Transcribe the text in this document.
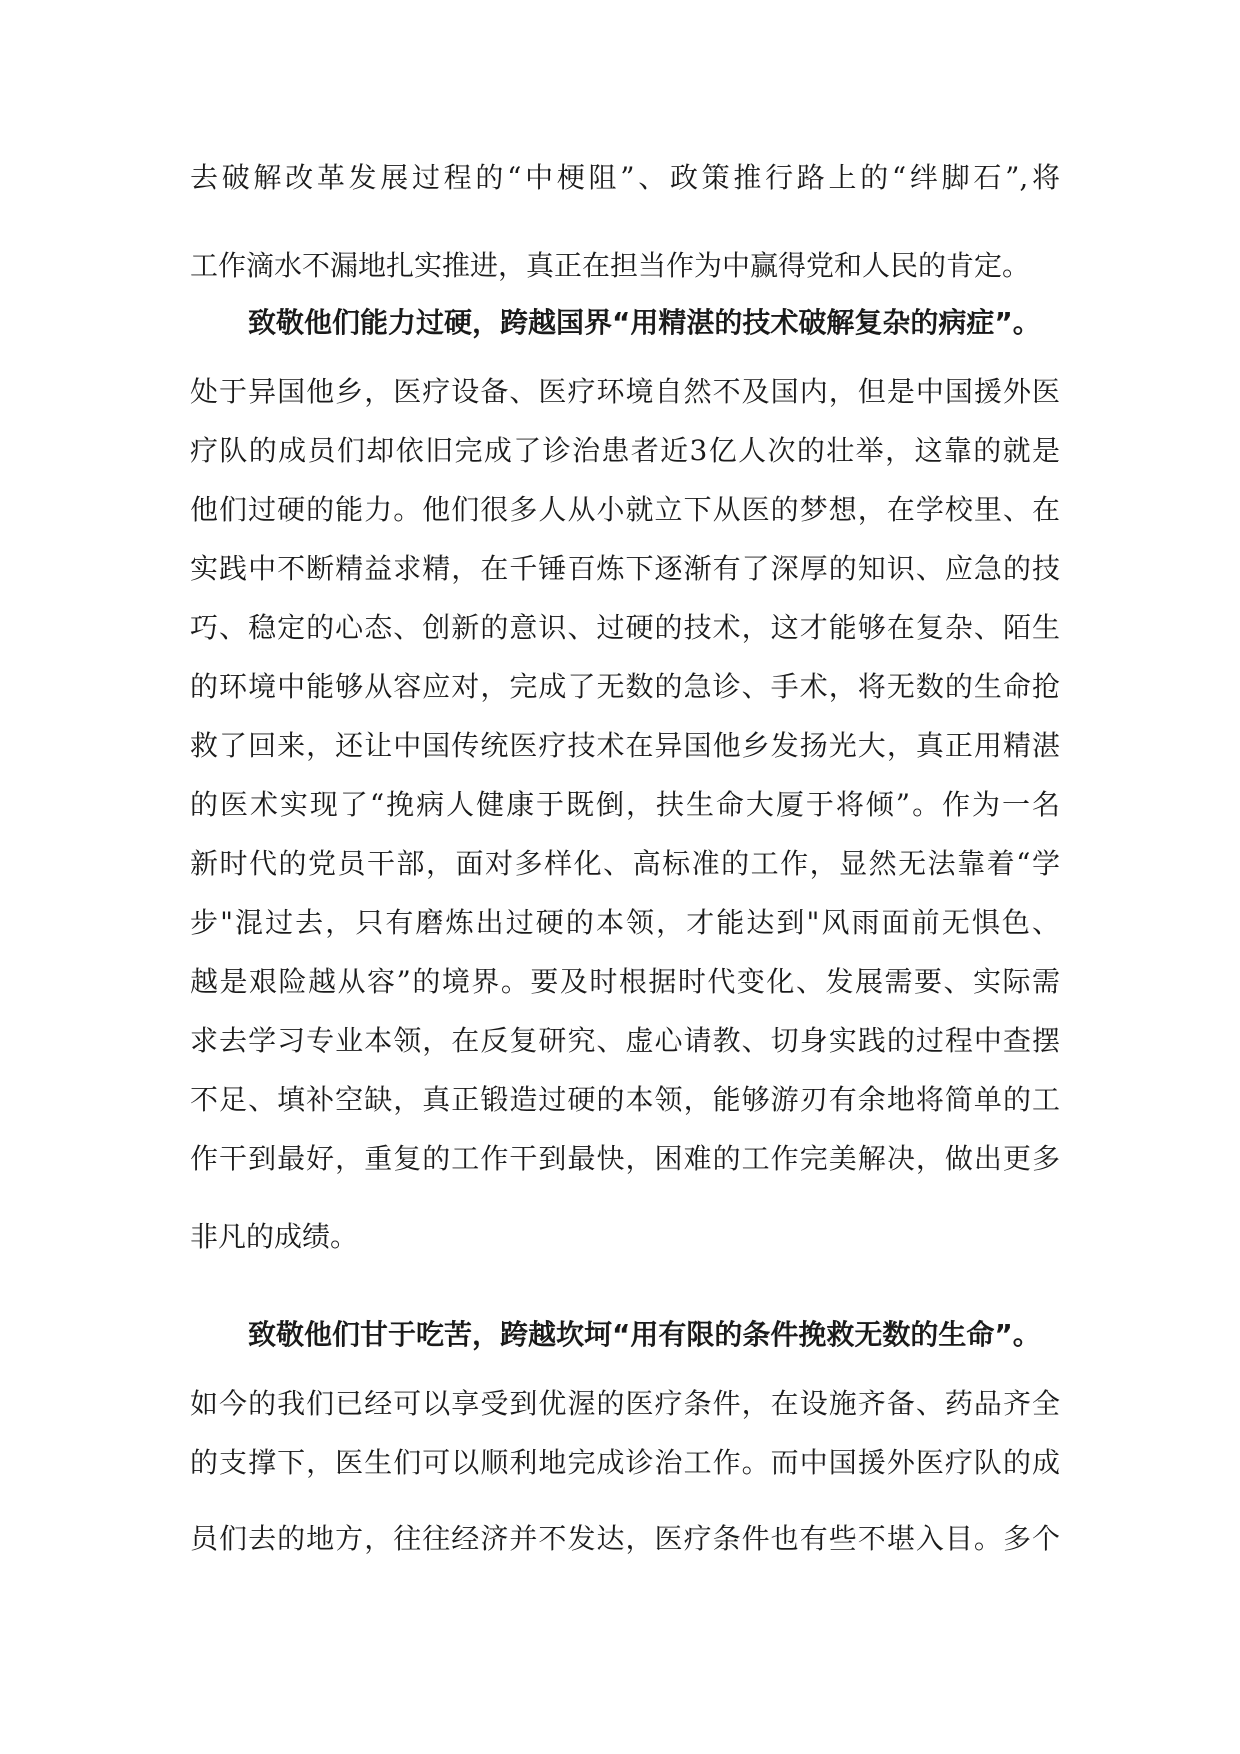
去破解改革发展过程的“中梗阻”、政策推行路上的“绊脚石”,将
工作滴水不漏地扎实推进，真正在担当作为中赢得党和人民的肯定。
致敬他们能力过硬，跨越国界“用精湛的技术破解复杂的病症”。
处于异国他乡，医疗设备、医疗环境自然不及国内，但是中国援外医
疗队的成员们却依旧完成了诊治患者近3亿人次的壮举，这靠的就是
他们过硬的能力。他们很多人从小就立下从医的梦想，在学校里、在
实践中不断精益求精，在千锤百炼下逐渐有了深厚的知识、应急的技
巧、稳定的心态、创新的意识、过硬的技术，这才能够在复杂、陌生
的环境中能够从容应对，完成了无数的急诊、手术，将无数的生命抢
救了回来，还让中国传统医疗技术在异国他乡发扬光大，真正用精湛
的医术实现了“挽病人健康于既倒，扶生命大厦于将倾”。作为一名
新时代的党员干部，面对多样化、高标准的工作，显然无法靠着“学
步"混过去，只有磨炼出过硬的本领，才能达到"风雨面前无惧色、
越是艰险越从容”的境界。要及时根据时代变化、发展需要、实际需
求去学习专业本领，在反复研究、虚心请教、切身实践的过程中查摆
不足、填补空缺，真正锻造过硬的本领，能够游刃有余地将简单的工
作干到最好，重复的工作干到最快，困难的工作完美解决，做出更多
非凡的成绩。
致敬他们甘于吃苦，跨越坎坷“用有限的条件挽救无数的生命”。
如今的我们已经可以享受到优渥的医疗条件，在设施齐备、药品齐全
的支撑下，医生们可以顺利地完成诊治工作。而中国援外医疗队的成
员们去的地方，往往经济并不发达，医疗条件也有些不堪入目。多个
